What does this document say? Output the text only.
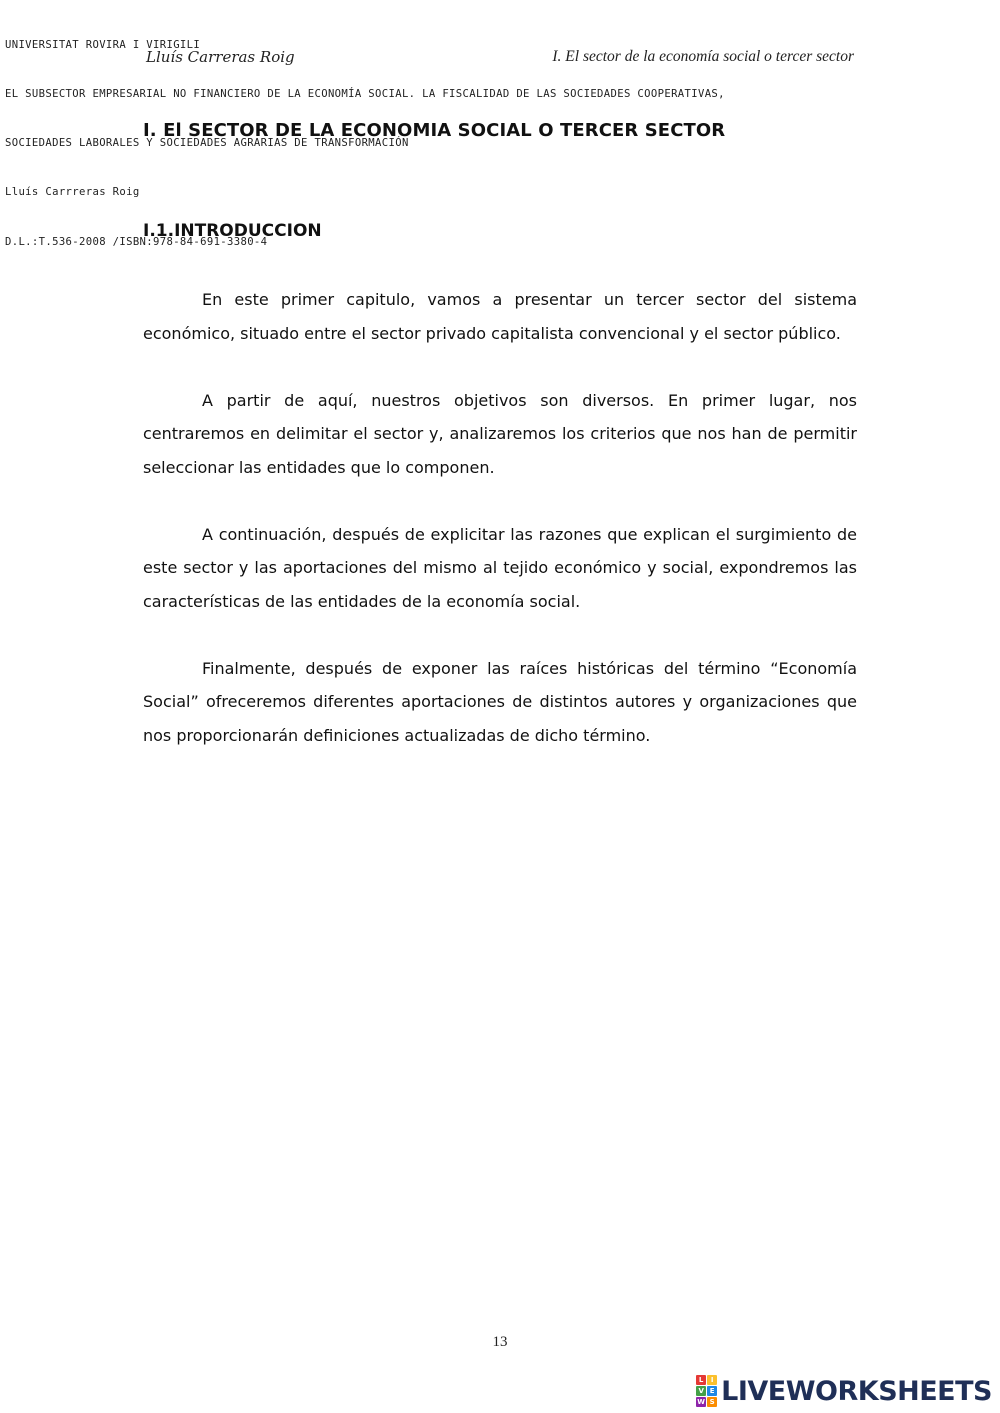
UNIVERSITAT ROVIRA I VIRIGILI

EL SUBSECTOR EMPRESARIAL NO FINANCIERO DE LA ECONOMÍA SOCIAL. LA FISCALIDAD DE LAS SOCIEDADES COOPERATIVAS,

SOCIEDADES LABORALES Y SOCIEDADES AGRARIAS DE TRANSFORMACIÓN

Lluís Carrreras Roig

D.L.:T.536-2008 /ISBN:978-84-691-3380-4

Lluís Carreras Roig	I. El sector de la economía social o tercer sector
I. El SECTOR DE LA ECONOMIA SOCIAL O TERCER SECTOR
I.1.INTRODUCCION

En este primer capitulo, vamos a presentar un tercer sector del sistema económico, situado entre el sector privado capitalista convencional y el sector público.

A partir de aquí, nuestros objetivos son diversos. En primer lugar, nos centraremos en delimitar el sector y, analizaremos los criterios que nos han de permitir seleccionar las entidades que lo componen.

A continuación, después de explicitar las razones que explican el surgimiento de este sector y las aportaciones del mismo al tejido económico y social, expondremos las características de las entidades de la economía social.

Finalmente, después de exponer las raíces históricas del término “Economía Social” ofreceremos diferentes aportaciones de distintos autores y organizaciones que nos proporcionarán definiciones actualizadas de dicho término.

13
L	I
V E
W S LIVEWORKSHEETS
